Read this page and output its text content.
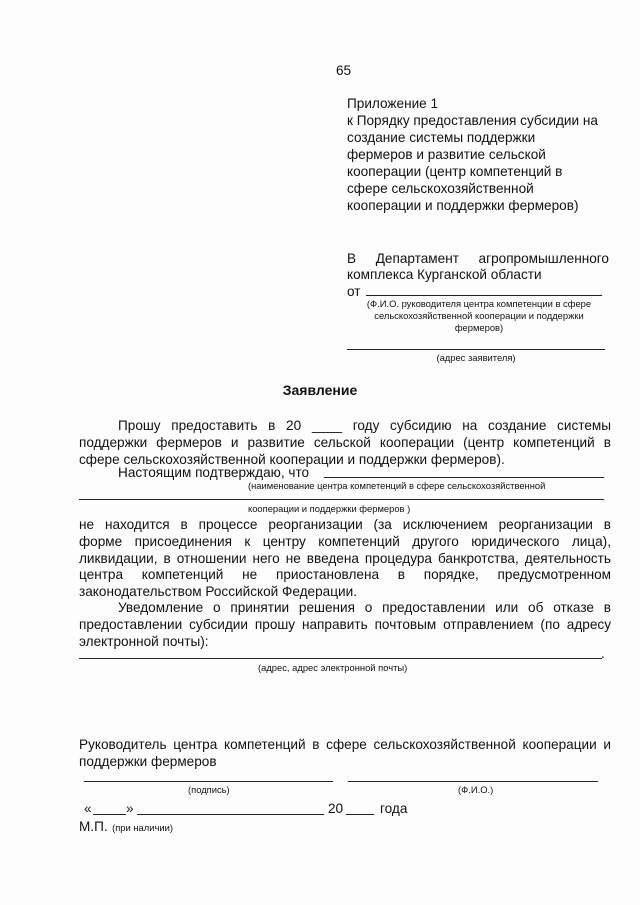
65

Приложение 1
к Порядку предоставления субсидии на
создание системы поддержки
фермеров и развитие сельской
кооперации (центр компетенций в
сфере сельскохозяйственной
кооперации и поддержки фермеров)
В Департамент агропромышленного
комплекса Курганской области
от
(Ф.И.О. руководителя центра компетенции в сфере
сельскохозяйственной кооперации и поддержки
фермеров)
(адрес заявителя)
Заявление
Прошу предоставить в 20 ____ году субсидию на создание системы
поддержки фермеров и развитие сельской кооперации (центр компетенций в
сфере сельскохозяйственной кооперации и поддержки фермеров).
Настоящим подтверждаю, что
(наименование центра компетенций в сфере сельскохозяйственной
кооперации и поддержки фермеров )
не находится в процессе реорганизации (за исключением реорганизации в
форме присоединения к центру компетенций другого юридического лица),
ликвидации, в отношении него не введена процедура банкротства, деятельность
центра компетенций не приостановлена в порядке, предусмотренном
законодательством Российской Федерации.
Уведомление о принятии решения о предоставлении или об отказе в
предоставлении субсидии прошу направить почтовым отправлением (по адресу
электронной почты):
.
(адрес, адрес электронной почты)
Руководитель центра компетенций в сфере сельскохозяйственной кооперации и
поддержки фермеров
(подпись)	(Ф.И.О.)
«	»	20	года
М.П. (при наличии)
